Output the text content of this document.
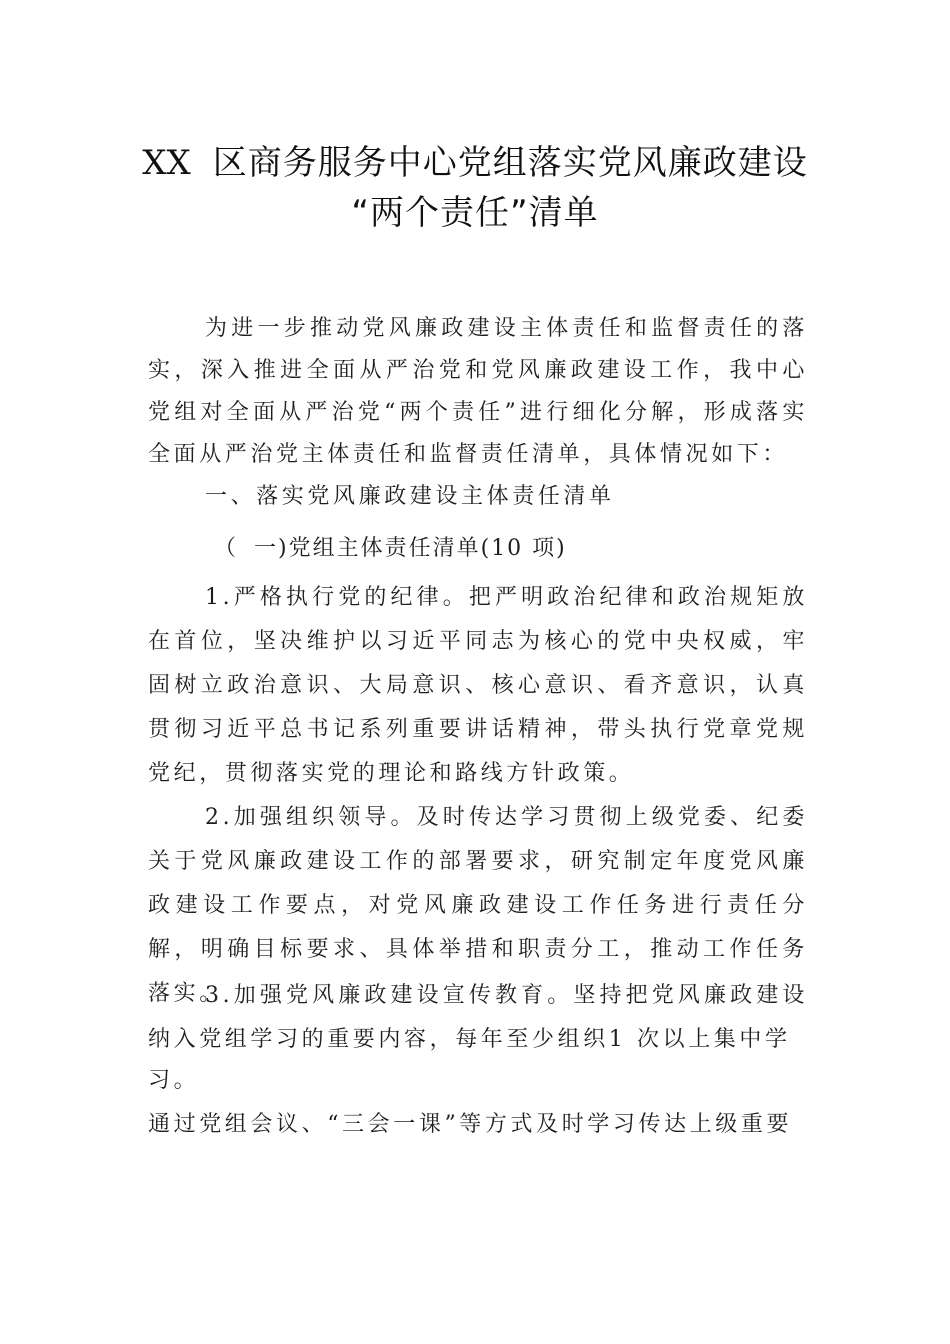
XX 区商务服务中心党组落实党风廉政建设
“两个责任”清单

为进一步推动党风廉政建设主体责任和监督责任的落实，深入推进全面从严治党和党风廉政建设工作，我中心党组对全面从严治党“两个责任”进行细化分解，形成落实全面从严治党主体责任和监督责任清单，具体情况如下：

一、落实党风廉政建设主体责任清单

（ 一)党组主体责任清单(10 项)

1.严格执行党的纪律。把严明政治纪律和政治规矩放在首位，坚决维护以习近平同志为核心的党中央权威，牢固树立政治意识、大局意识、核心意识、看齐意识，认真贯彻习近平总书记系列重要讲话精神，带头执行党章党规党纪，贯彻落实党的理论和路线方针政策。

2.加强组织领导。及时传达学习贯彻上级党委、纪委关于党风廉政建设工作的部署要求，研究制定年度党风廉政建设工作要点，对党风廉政建设工作任务进行责任分解，明确目标要求、具体举措和职责分工，推动工作任务落实。

3.加强党风廉政建设宣传教育。坚持把党风廉政建设纳入党组学习的重要内容，每年至少组织1 次以上集中学

习。

通过党组会议、“三会一课”等方式及时学习传达上级重要
